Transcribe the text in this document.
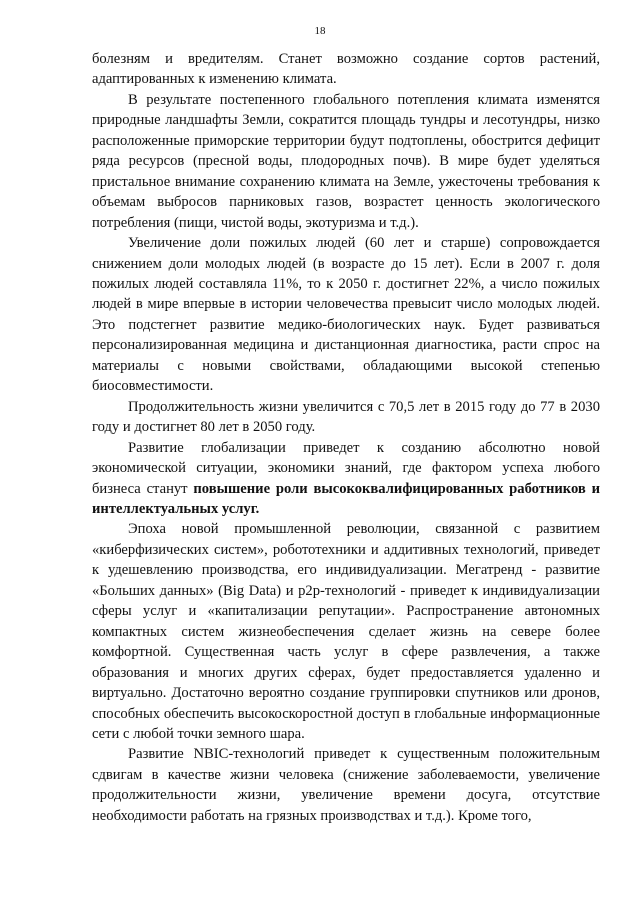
18

болезням и вредителям. Станет возможно создание сортов растений, адаптированных к изменению климата.

В результате постепенного глобального потепления климата изменятся природные ландшафты Земли, сократится площадь тундры и лесотундры, низко расположенные приморские территории будут подтоплены, обострится дефицит ряда ресурсов (пресной воды, плодородных почв). В мире будет уделяться пристальное внимание сохранению климата на Земле, ужесточены требования к объемам выбросов парниковых газов, возрастет ценность экологического потребления (пищи, чистой воды, экотуризма и т.д.).

Увеличение доли пожилых людей (60 лет и старше) сопровождается снижением доли молодых людей (в возрасте до 15 лет). Если в 2007 г. доля пожилых людей составляла 11%, то к 2050 г. достигнет 22%, а число пожилых людей в мире впервые в истории человечества превысит число молодых людей. Это подстегнет развитие медико-биологических наук. Будет развиваться персонализированная медицина и дистанционная диагностика, расти спрос на материалы с новыми свойствами, обладающими высокой степенью биосовместимости.

Продолжительность жизни увеличится с 70,5 лет в 2015 году до 77 в 2030 году и достигнет 80 лет в 2050 году.

Развитие глобализации приведет к созданию абсолютно новой экономической ситуации, экономики знаний, где фактором успеха любого бизнеса станут повышение роли высококвалифицированных работников и интеллектуальных услуг.

Эпоха новой промышленной революции, связанной с развитием «киберфизических систем», робототехники и аддитивных технологий, приведет к удешевлению производства, его индивидуализации. Мегатренд - развитие «Больших данных» (Big Data) и p2p-технологий - приведет к индивидуализации сферы услуг и «капитализации репутации». Распространение автономных компактных систем жизнеобеспечения сделает жизнь на севере более комфортной. Существенная часть услуг в сфере развлечения, а также образования и многих других сферах, будет предоставляется удаленно и виртуально. Достаточно вероятно создание группировки спутников или дронов, способных обеспечить высокоскоростной доступ в глобальные информационные сети с любой точки земного шара.

Развитие NBIC-технологий приведет к существенным положительным сдвигам в качестве жизни человека (снижение заболеваемости, увеличение продолжительности жизни, увеличение времени досуга, отсутствие необходимости работать на грязных производствах и т.д.). Кроме того,
